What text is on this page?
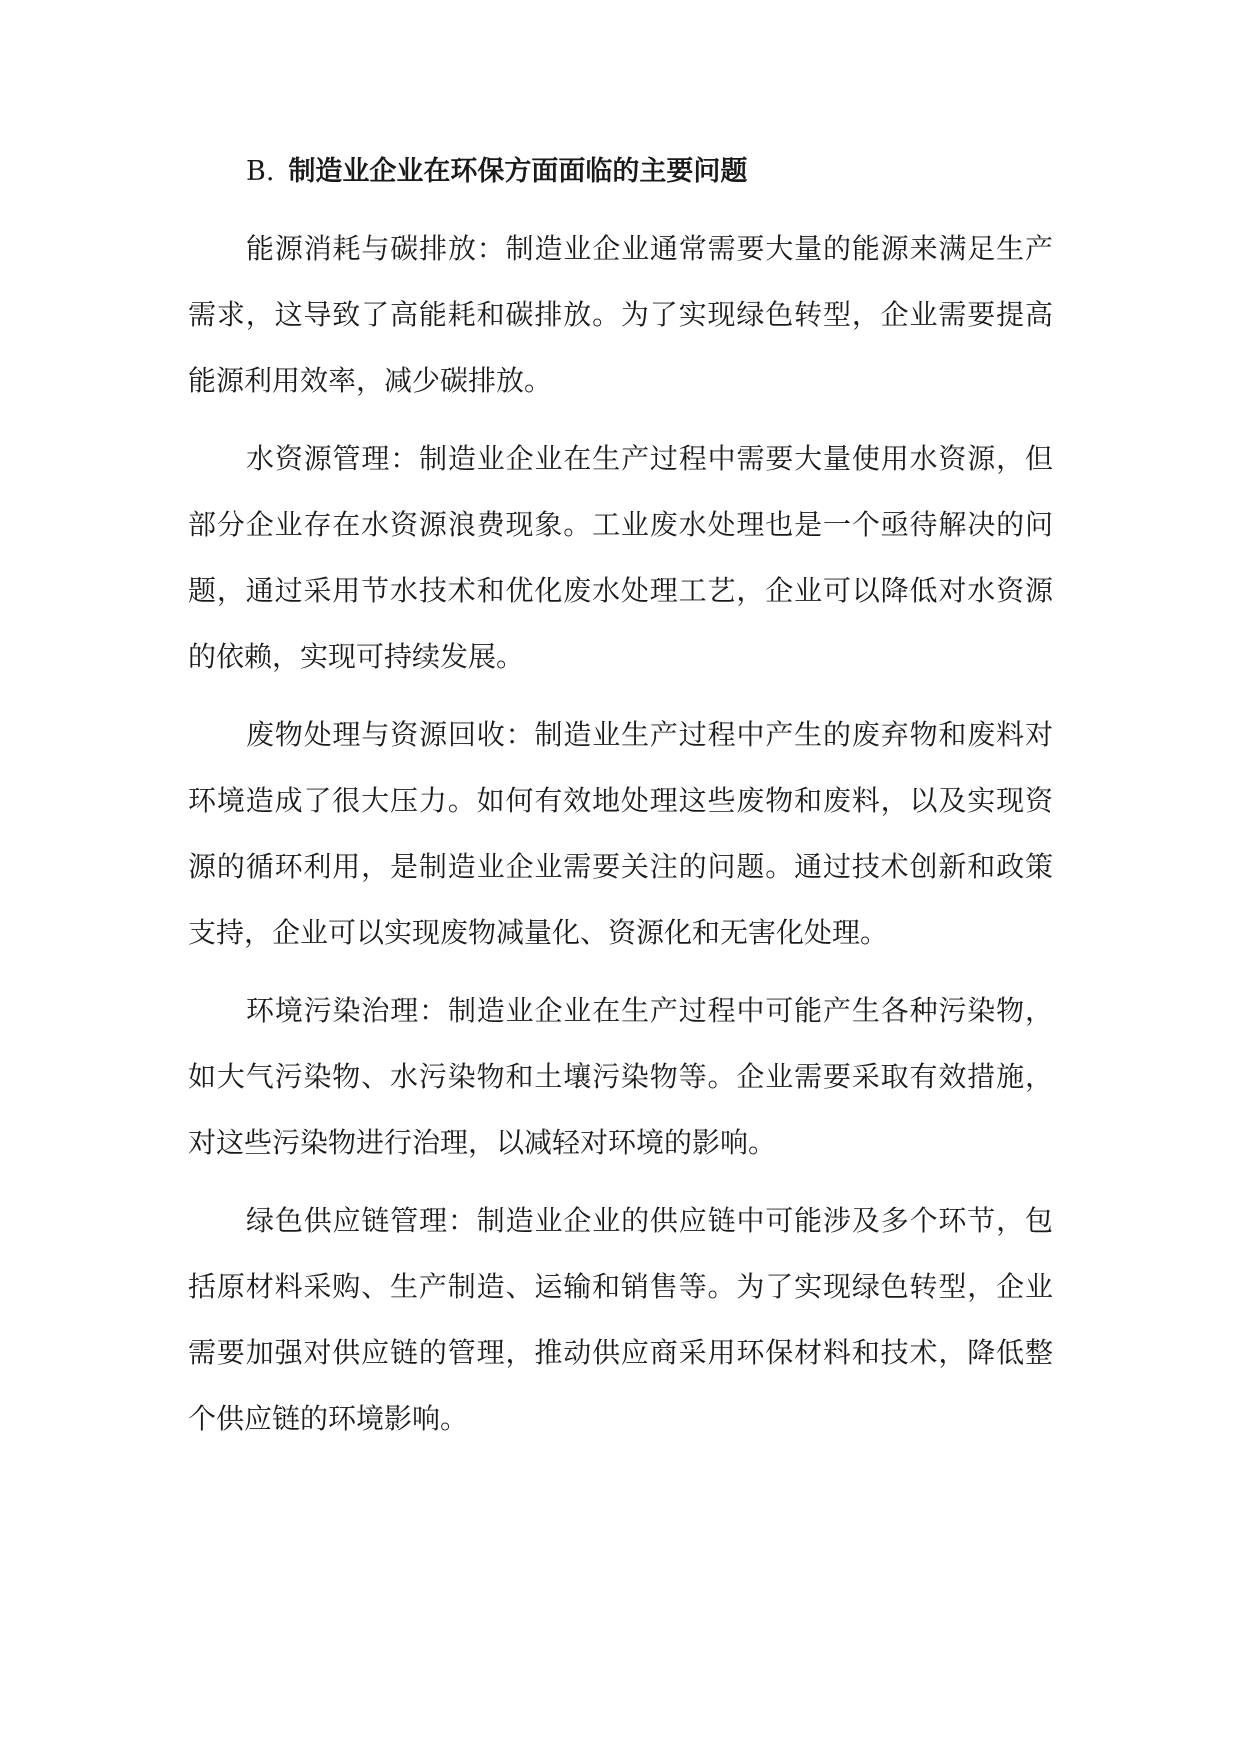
B. 制造业企业在环保方面面临的主要问题

能源消耗与碳排放：制造业企业通常需要大量的能源来满足生产需求，这导致了高能耗和碳排放。为了实现绿色转型，企业需要提高能源利用效率，减少碳排放。

水资源管理：制造业企业在生产过程中需要大量使用水资源，但部分企业存在水资源浪费现象。工业废水处理也是一个亟待解决的问题，通过采用节水技术和优化废水处理工艺，企业可以降低对水资源的依赖，实现可持续发展。

废物处理与资源回收：制造业生产过程中产生的废弃物和废料对环境造成了很大压力。如何有效地处理这些废物和废料，以及实现资源的循环利用，是制造业企业需要关注的问题。通过技术创新和政策支持，企业可以实现废物减量化、资源化和无害化处理。

环境污染治理：制造业企业在生产过程中可能产生各种污染物，如大气污染物、水污染物和土壤污染物等。企业需要采取有效措施，对这些污染物进行治理，以减轻对环境的影响。

绿色供应链管理：制造业企业的供应链中可能涉及多个环节，包括原材料采购、生产制造、运输和销售等。为了实现绿色转型，企业需要加强对供应链的管理，推动供应商采用环保材料和技术，降低整个供应链的环境影响。
